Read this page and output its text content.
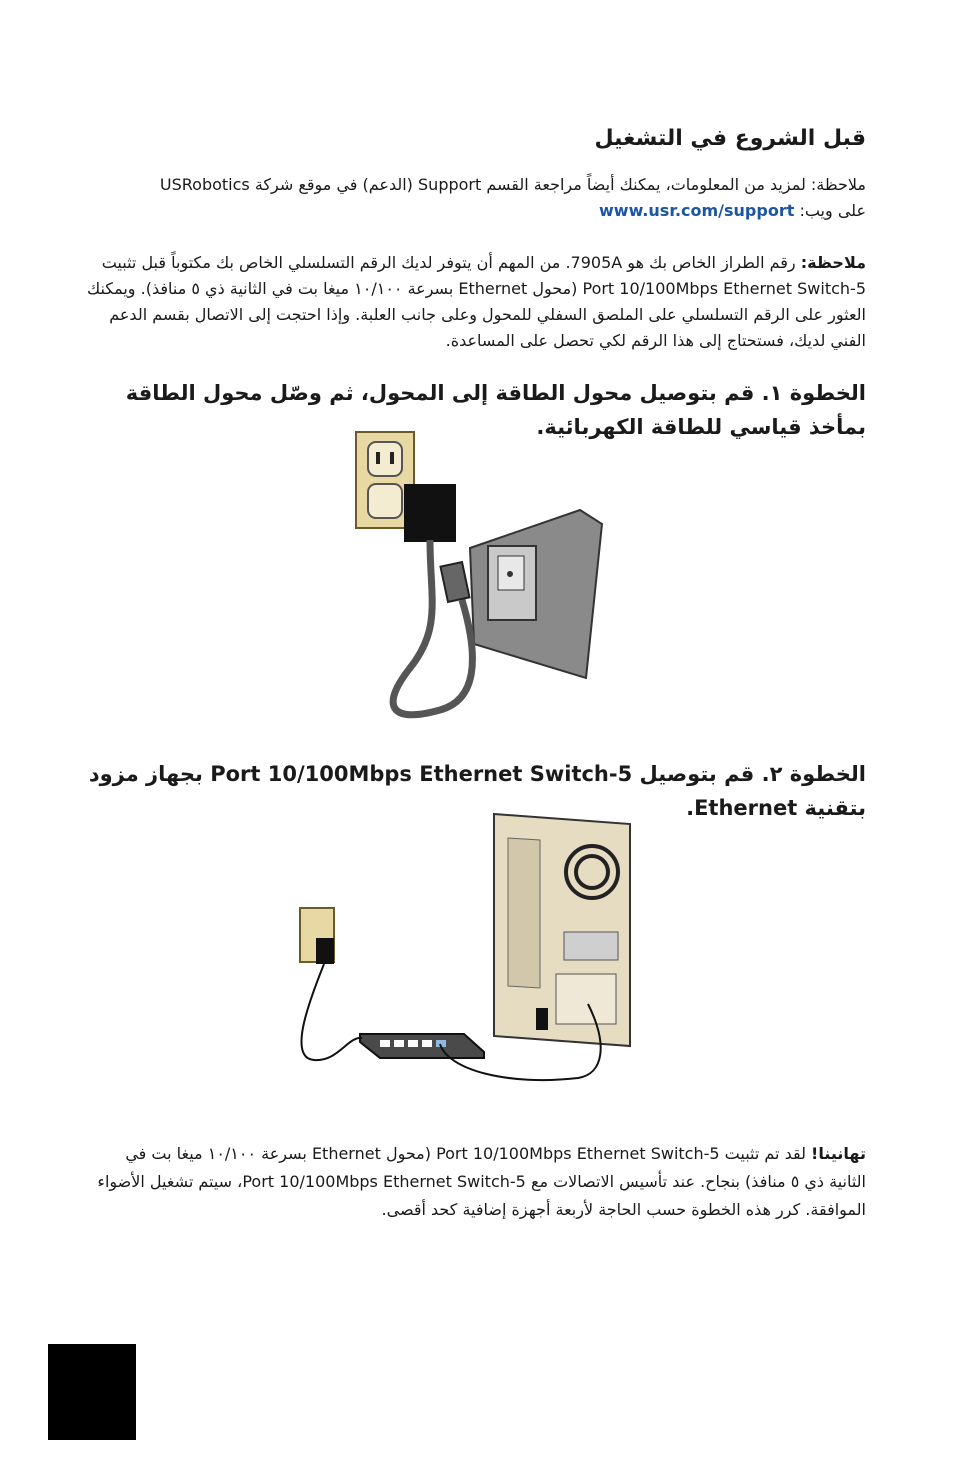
قبل الشروع في التشغيل
ملاحظة: لمزيد من المعلومات، يمكنك أيضاً مراجعة القسم Support (الدعم) في موقع شركة USRobotics
على ويب: www.usr.com/support

ملاحظة: رقم الطراز الخاص بك هو 7905A. من المهم أن يتوفر لديك الرقم التسلسلي الخاص بك مكتوباً قبل تثبيت 5-Port 10/100Mbps Ethernet Switch (محول Ethernet بسرعة ١٠/١٠٠ ميغا بت في الثانية ذي ٥ منافذ). ويمكنك العثور على الرقم التسلسلي على الملصق السفلي للمحول وعلى جانب العلبة. وإذا احتجت إلى الاتصال بقسم الدعم الفني لديك، فستحتاج إلى هذا الرقم لكي تحصل على المساعدة.

الخطوة ١. قم بتوصيل محول الطاقة إلى المحول، ثم وصّل محول الطاقة بمأخذ قياسي للطاقة الكهربائية.

الخطوة ٢. قم بتوصيل 5-Port 10/100Mbps Ethernet Switch بجهاز مزود بتقنية Ethernet.

تهانينا! لقد تم تثبيت 5-Port 10/100Mbps Ethernet Switch (محول Ethernet بسرعة ١٠/١٠٠ ميغا بت في الثانية ذي ٥ منافذ) بنجاح. عند تأسيس الاتصالات مع 5-Port 10/100Mbps Ethernet Switch، سيتم تشغيل الأضواء الموافقة. كرر هذه الخطوة حسب الحاجة لأربعة أجهزة إضافية كحد أقصى.
